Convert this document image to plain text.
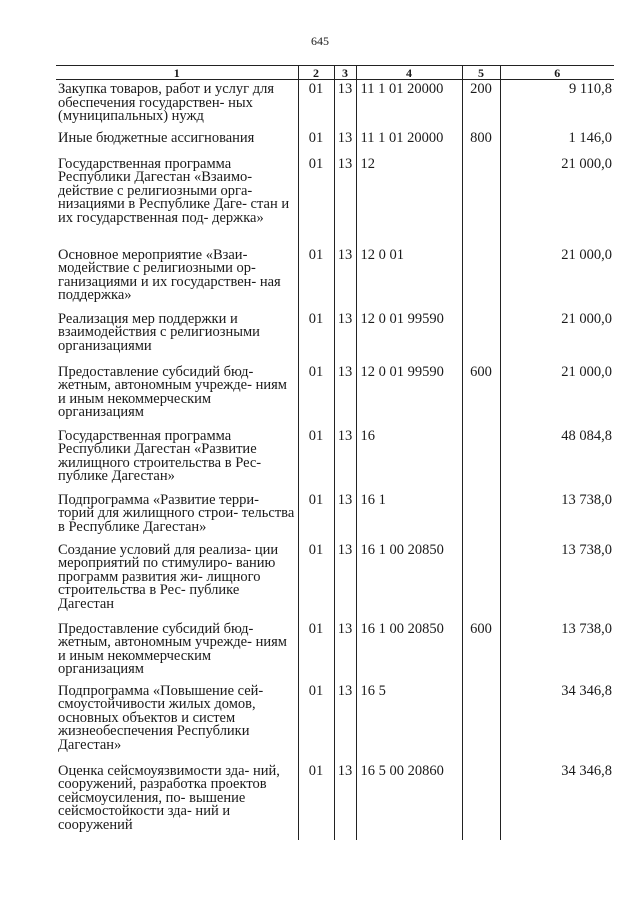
645
1	2	3	4	5	6
Закупка товаров, работ и услуг для обеспечения государствен- ных (муниципальных) нужд	01	13	11 1 01 20000	200	9 110,8
Иные бюджетные ассигнования	01	13	11 1 01 20000	800	1 146,0
Государственная программа Республики Дагестан «Взаимо- действие с религиозными орга- низациями в Республике Даге- стан и их государственная под- держка»	01	13	12		21 000,0
Основное мероприятие «Взаи- модействие с религиозными ор- ганизациями и их государствен- ная поддержка»	01	13	12 0 01		21 000,0
Реализация мер поддержки и взаимодействия с религиозными организациями	01	13	12 0 01 99590		21 000,0
Предоставление субсидий бюд- жетным, автономным учрежде- ниям и иным некоммерческим организациям	01	13	12 0 01 99590	600	21 000,0
Государственная программа Республики Дагестан «Развитие жилищного строительства в Рес- публике Дагестан»	01	13	16		48 084,8
Подпрограмма «Развитие терри- торий для жилищного строи- тельства в Республике Дагестан»	01	13	16 1		13 738,0
Создание условий для реализа- ции мероприятий по стимулиро- ванию программ развития жи- лищного строительства в Рес- публике Дагестан	01	13	16 1 00 20850		13 738,0
Предоставление субсидий бюд- жетным, автономным учрежде- ниям и иным некоммерческим организациям	01	13	16 1 00 20850	600	13 738,0
Подпрограмма «Повышение сей- смоустойчивости жилых домов, основных объектов и систем жизнеобеспечения Республики Дагестан»	01	13	16 5		34 346,8
Оценка сейсмоуязвимости зда- ний, сооружений, разработка проектов сейсмоусиления, по- вышение сейсмостойкости зда- ний и сооружений	01	13	16 5 00 20860		34 346,8
